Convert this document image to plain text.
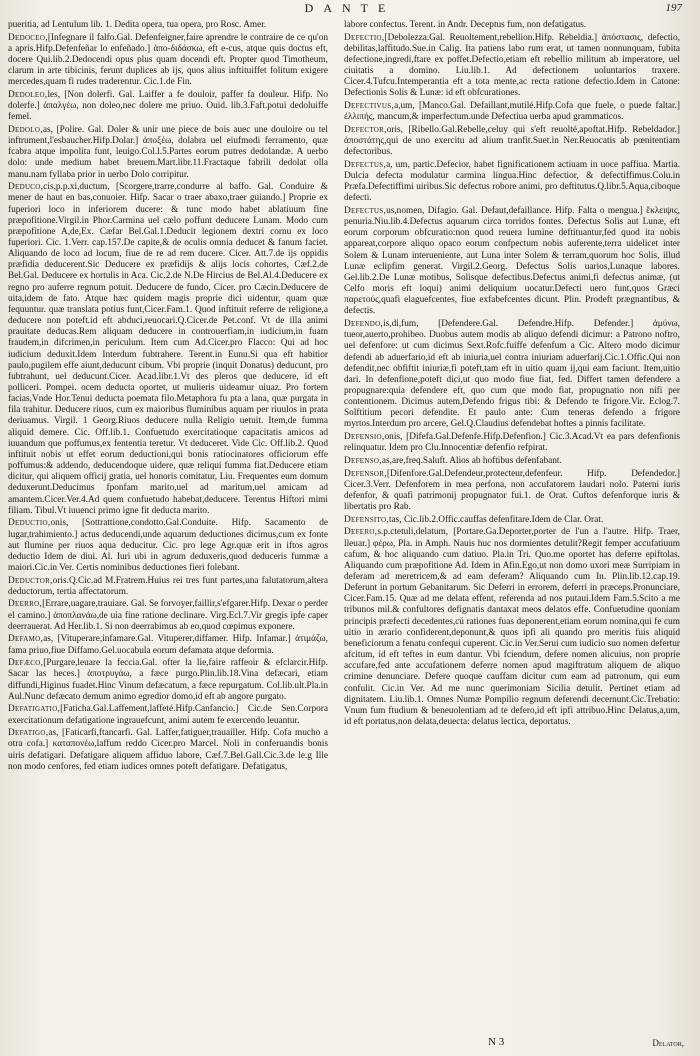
DANTE	197

pueritia, ad Lentulum lib. 1. Dedita opera, tua opera, pro Rosc. Amer.

Dedoceo,[Infegnare il falfo.Gal. Defenfeigner,faire aprendre le contraire de ce qu'on a apris.Hifp.Defenfeñar lo enfeñado.] ἀπο-διδάσκω, eft e-cus, atque quis doctus eft, docere Qui.lib.2.Dedocendi opus plus quam docendi eft. Propter quod Timotheum, clarum in arte tibicinis, ferunt duplices ab ijs, quos alius inftituiffet folitum exigere mercedes,quam fi rudes traderentur. Cic.1.de Fin.

Dedoleo,les, [Non dolerfi. Gal. Laiffer a fe douloir, paffer fa douleur. Hifp. No dolerfe.] ἀπαλγέω, non doleo,nec dolere me priuo. Ouid. lib.3.Faft.potui dedoluiffe femel.

Dedolo,as, [Polire. Gal. Doler & unir une piece de bois auec une douloire ou tel inftrument,l'esbaucher.Hifp.Dolar.] ἀποξέω, dolabra uel eiufmodi ferramento, quæ fcabra atque impolita funt, leuigo.Col.l.5.Partes eorum putres dedolandæ. A uerbo dolo: unde medium habet breuem.Mart.libr.11.Fractaque fabrili dedolat olla manu.nam fyllaba prior in uerbo Dolo corripitur.

Deduco,cis,p.p.xi,ductum, [Scorgere,trarre,condurre al baffo. Gal. Conduire & mener de haut en bas,conuoier. Hifp. Sacar o traer abaxo,traer guiando.] Proprie ex fuperiori loco in inferiorem ducere: & tunc modo habet ablatiuum fine præpofitione.Virgil.in Phor.Carmina uel cælo poffunt deducere Lunam. Modo cum præpofitione A,de,Ex. Cæfar Bel.Gal.1.Deducit legionem dextri cornu ex loco fuperiori. Cic. 1.Verr. cap.157.De capite,& de oculis omnia deducet & fanum faciet. Aliquando de loco ad locum, fiue de re ad rem ducere. Cicer. Att.7.de ijs oppidis præfidia deducerent.Sic Deducere ex præfidijs & alijs locis cohortes, Cæf.2.de Bel.Gal. Deducere ex hortulis in Aca. Cic.2.de N.De Hircius de Bel.Al.4.Deducere ex regno pro auferre regnum potuit. Deducere de fundo, Cicer. pro Cæcin.Deducere de uita,idem de fato. Atque hæc quidem magis proprie dici uidentur, quam quæ fequuntur. quæ translata potius funt,Cicer.Fam.1. Quod inftituit referre de religione,a deducere non poteft.id eft abduci,reuocari.Q.Cicer.de Pet.conf. Vt de illa animi prauitate deducas.Rem aliquam deducere in controuerfiam,in iudicium,in fuam fraudem,in difcrimen,in periculum. Item cum Ad.Cicer.pro Flacco: Qui ad hoc iudicium deduxit.Idem Interdum fubtrahere. Terent.in Eunu.Si qua eft habitior paulo,pugilem effe aiunt,deducunt cibum. Vbi proprie (inquit Donatus) deducunt, pro fubtrahunt, uel deducunt.Cicer. Acad.libr.1.Vt des pleros que deducere, id eft polliceri. Pompei. ocem deducta oportet, ut mulieris uideamur uiuaz. Pro fortem facias,Vnde Hor.Tenui deducta poemata filo.Metaphora fu pta a lana, quæ purgata in fila trahitur. Deducere riuos, cum ex maioribus fluminibus aquam per riuulos in prata deriuamus. Virgil. 1 Georg.Riuos deducere nulla Religio uetuit. Item,de fumma aliquid demere. Cic. Off.lib.1. Confuetudo exercitatioque capacitatis amicos ad iuuandum que poffumus,ex fententia teretur. Vt deduceret. Vide Cic. Off.lib.2. Quod inftituit nobis ut effet eorum deductioni,qui bonis ratiocinatores officiorum effe poffumus:& addendo, deducendoque uidere, quæ reliqui fumma fiat.Deducere etiam dicitur, qui aliquem officij gratia, uel honoris comitatur, Liu. Frequentes eum domum deduxerunt.Deducimus fponfam marito,uel ad maritum,uel amicam ad amantem.Cicer.Ver.4.Ad quem confuetudo habebat,deducere. Terentus Hiftori mimi filiam. Tibul.Vt iuuenci primo igne fit deducta marito.

Deductio,onis, [Sottrattione,condotto.Gal.Conduite. Hifp. Sacamento de lugar,trahimiento.] actus deducendi,unde aquarum deductiones dicimus,cum ex fonte aut flumine per riuos aqua deducitur. Cic. pro lege Agr.quæ erit in iftos agros deductio Idem de diui. Al. Iuri ubi in agrum deduxeris,quod deduceris fummæ a maiori.Cic.in Ver. Certis nominibus deductiones fieri folebant.

Deductor,oris.Q.Cic.ad M.Fratrem.Huius rei tres funt partes,una falutatorum,altera deductorum, tertia affectatorum.

Deerro,[Errare,uagare,trauiare. Gal. Se forvoyer,faillir,s'efgarer.Hifp. Dexar o perder el camino.] ἀποπλανάω,de uia fine ratione declinare. Virg.Ecl.7.Vir gregis ipfe caper deerrauerat. Ad Her.lib.1. Si non deerrabimus ab eo,quod cœpimus exponere.

Defamo,as, [Vituperare,infamare.Gal. Vituperer,diffamer. Hifp. Infamar.] ἀτιμάζω, fama priuo,fiue Diffamo.Gel.uocabula eorum defamata atque deformia.

Defæco,[Purgare,leuare la feccia.Gal. ofter la lie,faire raffeoir & efclarcir.Hifp. Sacar las heces.] ἀποτρυγάω, a fæce purgo.Plin.lib.18.Vina defæcari, etiam diffundi,Higinus fuadet.Hinc Vinum defæcatum, a fæce repurgatum. Col.lib.ult.Pla.in Aul.Nunc defæcato demum animo egredior domo,id eft ab angore purgato.

Defatigatio,[Faticha.Gal.Laffement,laffeté.Hifp.Canfancio.] Cic.de Sen.Corpora exercitationum defatigatione ingrauefcunt, animi autem fe exercendo leuantur.

Defatigo,as, [Faticarfi,ftancarfi. Gal. Laffer,fatiguer,trauailler. Hifp. Cofa mucho a otra cofa.] καταπονέω,laffum reddo Cicer.pro Marcel. Noli in conferuandis bonis uiris defatigari. Defatigare aliquem affiduo labore, Cæf.7.Bel.Gall.Cic.3.de le.g Ille non modo cenfores, fed etiam iudices omnes poteft defatigare. Defatigatus,

labore confectus. Terent. in Andr. Deceptus fum, non defatigatus.

Defectio,[Debolezza.Gal. Reuoltement,rebellion.Hifp. Rebeldia.] ἀπόστασις, defectio, debilitas,laffitudo.Sue.in Calig. Ita patiens labo rum erat, ut tamen nonnunquam, fubita defectione,ingredi,ftare ex poffet.Defectio,etiam eft rebellio militum ab imperatore, uel ciuitatis a domino. Liu.lib.1. Ad defectionem uoluntarios traxere. Cicer.4.Tufcu.Intemperantia eft a tota mente,ac recta ratione defectio.Idem in Catone: Defectionis Solis & Lunæ: id eft obfcurationes.

Defectivus,a,um, [Manco.Gal. Defaillant,mutilé.Hifp.Cofa que fuele, o puede faltar.] ἐλλιπής, mancum,& imperfectum.unde Defectiua uerba apud grammaticos.

Defector,oris, [Ribello.Gal.Rebelle,celuy qui s'eft reuolté,apoftat.Hifp. Rebeldador.] ἀποστάτης,qui de uno exercitu ad alium tranfit.Suet.in Ner.Reuocatis ab pœnitentiam defectoribus.

Defectus,a, um, partic.Defecior, habet fignificationem actiuam in uoce paffiua. Martia. Dulcia defecta modulatur carmina lingua.Hinc defectior, & defectiffimus.Colu.in Præfa.Defectiffimi uiribus.Sic defectus robore animi, pro deftitutus.Q.libr.5.Aqua,ciboque defecti.

Defectus,us,nomen, Difagio. Gal. Defaut,defaillance. Hifp. Falta o mengua.] ἔκλειψις, penuria.Niu.lib.4.Defectus aquarum circa torridos fontes. Defectus Solis aut Lunæ, eft eorum corporum obfcuratio:non quod reuera lumine deftituantur,fed quod ita nobis appareat,corpore aliquo opaco eorum confpectum nobis auferente,terra uidelicet inter Solem & Lunam interueniente, aut Luna inter Solem & terram,quorum hoc Solis, illud Lunæ eclipfim generat. Virgil.2.Georg. Defectus Solis uarios,Lunaque labores. Gel.lib.2.De Lunæ motibus, Solisque defectibus.Defectus animi,fi defectus animæ, (ut Celfo moris eft loqui) animi deliquium uocatur.Defecti uero funt,quos Græci παρετούς,quafi elaguefcentes, fiue exfabefcentes dicunt. Plin. Prodeft prægnantibus, & defectis.

Defendo,is,di,fum, [Defendere.Gal. Defendre.Hifp. Defender.] ἀμύνω, tueor,auerto,prohibeo. Duobus autem modis ab aliquo defendi dicimur: a Patrono noftro, uel defenfore: ut cum dicimus Sext.Rofc.fuiffe defenfum a Cic. Altero modo dicimur defendi ab aduerfario,id eft ab iniuria,uel contra iniuriam aduerfarij.Cic.1.Offic.Qui non defendit,nec obfiftit iniuriæ,fi poteft,tam eft in uitio quam ij,qui eam faciunt. Item,uitio dari. In defenfione,poteft dici,ut quo modo fiue fiat, fed. Differt tamen defendere a propugnare:quia defendere eft, quo cum que modo fiat, propugnatio non nifi per contentionem. Dicimus autem,Defendo frigus tibi: & Defendo te frigore.Vir. Eclog.7. Solftitium pecori defendite. Et paulo ante: Cum teneras defendo a frigore myrtos.Interdum pro arcere, Gel.Q.Claudius defendebat hoftes a pinnis facilitate.

Defensio,onis, [Difefa.Gal.Defenfe.Hifp.Defenfion.] Cic.3.Acad.Vt ea pars defenfionis relinquatur. Idem pro Clu.Innocentiæ defenfio refpirat.

Defenso,as,are,freq.Saluft. Alios ab hoftibus defenfabant.

Defensor,[Difenfore.Gal.Defendeur,protecteur,defenfeur. Hifp. Defendedor.] Cicer.3.Verr. Defenforem in mea perfona, non accufatorem laudari nolo. Paterni iuris defenfor, & quafi patrimonij propugnator fui.1. de Orat. Cuftos defenforque iuris & libertatis pro Rab.

Defensito,tas, Cic.lib.2.Offic.cauffas defenfitare.Idem de Clar. Orat.

Defero,s.p.ctetuli,delatum, [Portare.Ga.Deporter,porter de l'un a l'autre. Hifp. Traer, lleuar.] φέρω, Pla. in Amph. Nauis huc nos dormientes detulit?Regit femper accufatiuum cafum, & hoc aliquando cum datiuo. Pla.in Tri. Quo.me oportet has deferre epiftolas. Aliquando cum præpofitione Ad. Idem in Afin.Ego,ut non domo uxori meæ Surripiam in deferam ad meretricem,& ad eam deferam? Aliquando cum In. Plin.lib.12.cap.19. Deferunt in portum Gebanitarum. Sic Deferri in errorem, deferri in præceps.Pronunciare, Cicer.Fam.15. Quæ ad me delata effent, referenda ad nos putaui.Idem Fam.5.Scito a me tribunos mil.& confultores defignatis dantaxat meos delatos effe. Confuetudine quoniam principis præfecti decedentes,cú rationes fuas deponerent,etiam eorum nomina,qui fe cum uitio in ærario confiderent,deponunt,& quos ipfi ali quando pro meritis fuis aliquid beneficiorum a fenatu confequi cuperent. Cic.in Ver.Serui cum iudicio suo nomen defertur afcitum, id eft teftes in eum dantur. Vbi fciendum, defere nomen alicuius, non proprie accufare,fed ante accufationem deferre nomen apud magiftratum aliquem de aliquo crimine denunciare. Defere quoque cauffam dicitur cum eam ad patronum, qui eum confulit. Cic.in Ver. Ad me nunc querimoniam Sicilia detulit. Pertinet etiam ad dignitatem. Liu.lib.1. Omnes Numæ Pompilio regnum deferendi decernunt.Cic.Trebatio: Vnum fum ftudium & beneuolentiam ad te defero,id eft ipfi attribuo.Hinc Delatus,a,um, id eft portatus,non delata,deuecta: delatus lectica, deportatus.

N 3	Delator,
